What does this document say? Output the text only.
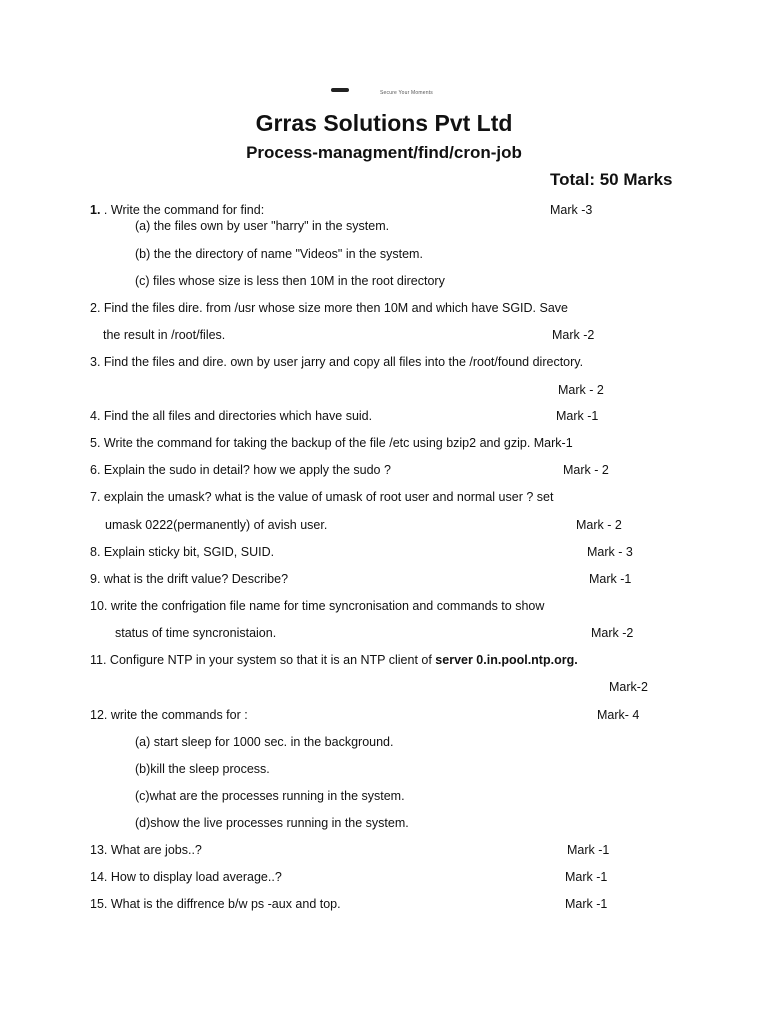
Secure Your Moments
Grras Solutions Pvt Ltd
Process-managment/find/cron-job
Total: 50 Marks
1. . Write the command for find:	Mark -3
(a) the files own by user "harry" in the system.
(b) the the directory of name "Videos" in the system.
(c) files whose size is less then 10M in the root directory
2. Find the files dire. from /usr whose size more then 10M and which have SGID. Save
the result in /root/files.	Mark -2
3. Find the files and dire. own by user jarry and copy all files into the /root/found directory.
Mark - 2
4. Find the all files and directories which have suid.	Mark -1
5. Write the command for taking the backup of the file /etc using bzip2 and gzip. Mark-1
6. Explain the sudo in detail? how we apply the sudo ?	Mark - 2
7. explain the umask? what is the value of umask of root user and normal user ? set
umask 0222(permanently) of avish user.	Mark - 2
8. Explain sticky bit, SGID, SUID.	Mark - 3
9. what is the drift value? Describe?	Mark -1
10. write the confrigation file name for time syncronisation and commands to show
status of time syncronistaion.	Mark -2
11. Configure NTP in your system so that it is an NTP client of server 0.in.pool.ntp.org.
Mark-2
12. write the commands for :	Mark- 4
(a) start sleep for 1000 sec. in the background.
(b)kill the sleep process.
(c)what are the processes running in the system.
(d)show the live processes running in the system.
13. What are jobs..?	Mark -1
14. How to display load average..?	Mark -1
15. What is the diffrence b/w ps -aux and top.	Mark -1
